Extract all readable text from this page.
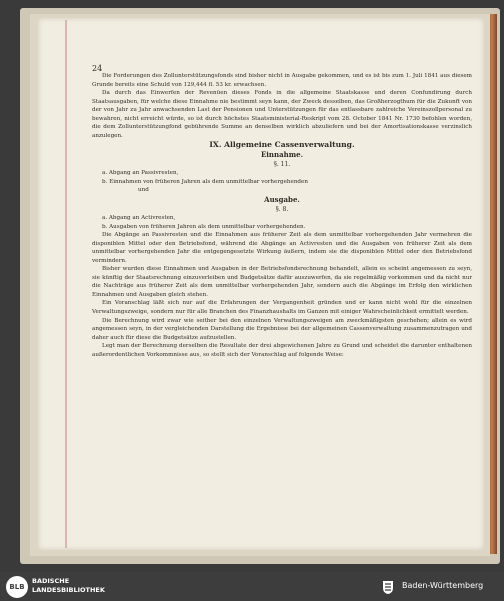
24

Die Forderungen des Zollunterstützungsfonds sind bisher nicht in Ausgabe gekommen, und es ist bis zum 1. Juli 1841 aus diesem Grunde bereits eine Schuld von 129,444 fl. 53 kr. erwachsen.

Da durch das Einwerfen der Revenüen dieses Fonds in die allgemeine Staatskasse und deren Confundirung durch Staatsausgaben, für welche diese Einnahme nie bestimmt seyn kann, der Zweck desselben, das Großherzogthum für die Zukunft von der von Jahr zu Jahr anwachsenden Last der Pensionen und Unterstützungen für das entlassbare zahlreiche Vereinszollpersonal zu bewahren, nicht erreicht würde, so ist durch höchstes Staatsministerial-Reskript vom 28. October 1841 Nr. 1730 befohlen worden, die dem Zollunterstützungfond gebührende Summe an denselben wirklich abzuliefern und bei der Amortisationskasse verzinslich anzulegen.

IX. Allgemeine Cassenverwaltung.

Einnahme.

§. 11.

a. Abgang an Passivresten,

b. Einnahmen von früheren Jahren als dem unmittelbar vorhergehenden

und

Ausgabe.

§. 8.

a. Abgang an Activresten,

b. Ausgaben von früheren Jahren als dem unmittelbar vorhergehenden.

Die Abgänge an Passivresten und die Einnahmen aus früherer Zeit als dem unmittelbar vorhergehenden Jahr vermehren die disponiblen Mittel oder den Betriebsfond, während die Abgänge an Activresten und die Ausgaben von früherer Zeit als dem unmittelbar vorhergehenden Jahr die entgegengesetzte Wirkung äußern, indem sie die disponiblen Mittel oder den Betriebsfond vermindern.

Bisher wurden diese Einnahmen und Ausgaben in der Betriebsfondsrechnung behandelt, allein es scheint angemessen zu seyn, sie künftig der Staatsrechnung einzuverleiben und Budgetsätze dafür auszuwerfen, da sie regelmäßig vorkommen und da nicht nur die Nachträge aus früherer Zeit als dem unmittelbar vorhergehenden Jahr, sondern auch die Abgänge im Erfolg den wirklichen Einnahmen und Ausgaben gleich stehen.

Ein Voranschlag läßt sich nur auf die Erfahrungen der Vergangenheit gründen und er kann nicht wohl für die einzelnen Verwaltungszweige, sondern nur für alle Branchen des Finanzhaushalts im Ganzen mit einiger Wahrscheinlichkeit ermittelt werden.

Die Berechnung wird zwar wie seither bei den einzelnen Verwaltungszweigen am zweckmäßigsten geschehen; allein es wird angemessen seyn, in der vergleichenden Darstellung die Ergebnisse bei der allgemeinen Cassenverwaltung zusammenzutragen und daher auch für diese die Budgetsätze aufzustellen.

Legt man der Berechnung derselben die Resultate der drei abgewichenen Jahre zu Grund und scheidet die darunter enthaltenen außerordentlichen Vorkommnisse aus, so stellt sich der Voranschlag auf folgende Weise:

BLB
BADISCHE
LANDESBIBLIOTHEK	Baden-Württemberg
